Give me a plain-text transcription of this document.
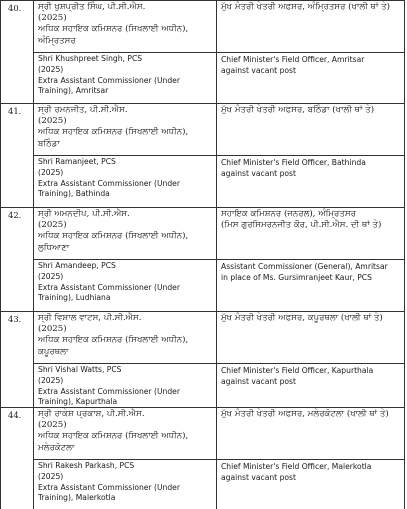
40. ਸ੍ਰੀ ਖੁਸ਼ਪ੍ਰੀਤ ਸਿੰਘ, ਪੀ.ਸੀ.ਐਸ.
(2025)
ਅਧਿਕ ਸਹਾਇਕ ਕਮਿਸ਼ਨਰ (ਸਿਖਲਾਈ ਅਧੀਨ),
ਅੰਮ੍ਰਿਤਸਰ
ਮੁੱਖ ਮੰਤਰੀ ਖੇਤਰੀ ਅਫਸਰ, ਅੰਮ੍ਰਿਤਸਰ (ਖਾਲੀ ਥਾਂ ਤੇ)
Shri Khushpreet Singh, PCS
(2025)
Extra Assistant Commissioner (Under
Training), Amritsar
Chief Minister's Field Officer, Amritsar
against vacant post
41. ਸ੍ਰੀ ਰਮਨਜੀਤ, ਪੀ.ਸੀ.ਐਸ.
(2025)
ਅਧਿਕ ਸਹਾਇਕ ਕਮਿਸ਼ਨਰ (ਸਿਖਲਾਈ ਅਧੀਨ),
ਬਠਿੰਡਾ
ਮੁੱਖ ਮੰਤਰੀ ਖੇਤਰੀ ਅਫਸਰ, ਬਠਿੰਡਾ (ਖਾਲੀ ਥਾਂ ਤੇ)
Shri Ramanjeet, PCS
(2025)
Extra Assistant Commissioner (Under
Training), Bathinda
Chief Minister's Field Officer, Bathinda
against vacant post
42. ਸ੍ਰੀ ਅਮਨਦੀਪ, ਪੀ.ਸੀ.ਐਸ.
(2025)
ਅਧਿਕ ਸਹਾਇਕ ਕਮਿਸ਼ਨਰ (ਸਿਖਲਾਈ ਅਧੀਨ),
ਲੁਧਿਆਣਾ
ਸਹਾਇਕ ਕਮਿਸ਼ਨਰ (ਜਨਰਲ), ਅੰਮ੍ਰਿਤਸਰ
(ਮਿਸ ਗੁਰਸਿਮਰਨਜੀਤ ਕੌਰ, ਪੀ.ਸੀ.ਐਸ. ਦੀ ਥਾਂ ਤੇ)
Shri Amandeep, PCS
(2025)
Extra Assistant Commissioner (Under
Training), Ludhiana
Assistant Commissioner (General), Amritsar
in place of Ms. Gursimranjeet Kaur, PCS
43. ਸ੍ਰੀ ਵਿਸ਼ਾਲ ਵਾਟਸ, ਪੀ.ਸੀ.ਐਸ.
(2025)
ਅਧਿਕ ਸਹਾਇਕ ਕਮਿਸ਼ਨਰ (ਸਿਖਲਾਈ ਅਧੀਨ),
ਕਪੂਰਥਲਾ
ਮੁੱਖ ਮੰਤਰੀ ਖੇਤਰੀ ਅਫਸਰ, ਕਪੂਰਥਲਾ (ਖਾਲੀ ਥਾਂ ਤੇ)
Shri Vishal Watts, PCS
(2025)
Extra Assistant Commissioner (Under
Training), Kapurthala
Chief Minister's Field Officer, Kapurthala
against vacant post
44. ਸ੍ਰੀ ਰਾਕੇਸ਼ ਪ੍ਰਕਾਸ਼, ਪੀ.ਸੀ.ਐਸ.
(2025)
ਅਧਿਕ ਸਹਾਇਕ ਕਮਿਸ਼ਨਰ (ਸਿਖਲਾਈ ਅਧੀਨ),
ਮਲੇਰਕੋਟਲਾ
ਮੁੱਖ ਮੰਤਰੀ ਖੇਤਰੀ ਅਫਸਰ, ਮਲੇਰਕੋਟਲਾ (ਖਾਲੀ ਥਾਂ ਤੇ)
Shri Rakesh Parkash, PCS
(2025)
Extra Assistant Commissioner (Under
Training), Malerkotla
Chief Minister's Field Officer, Malerkotla
against vacant post
